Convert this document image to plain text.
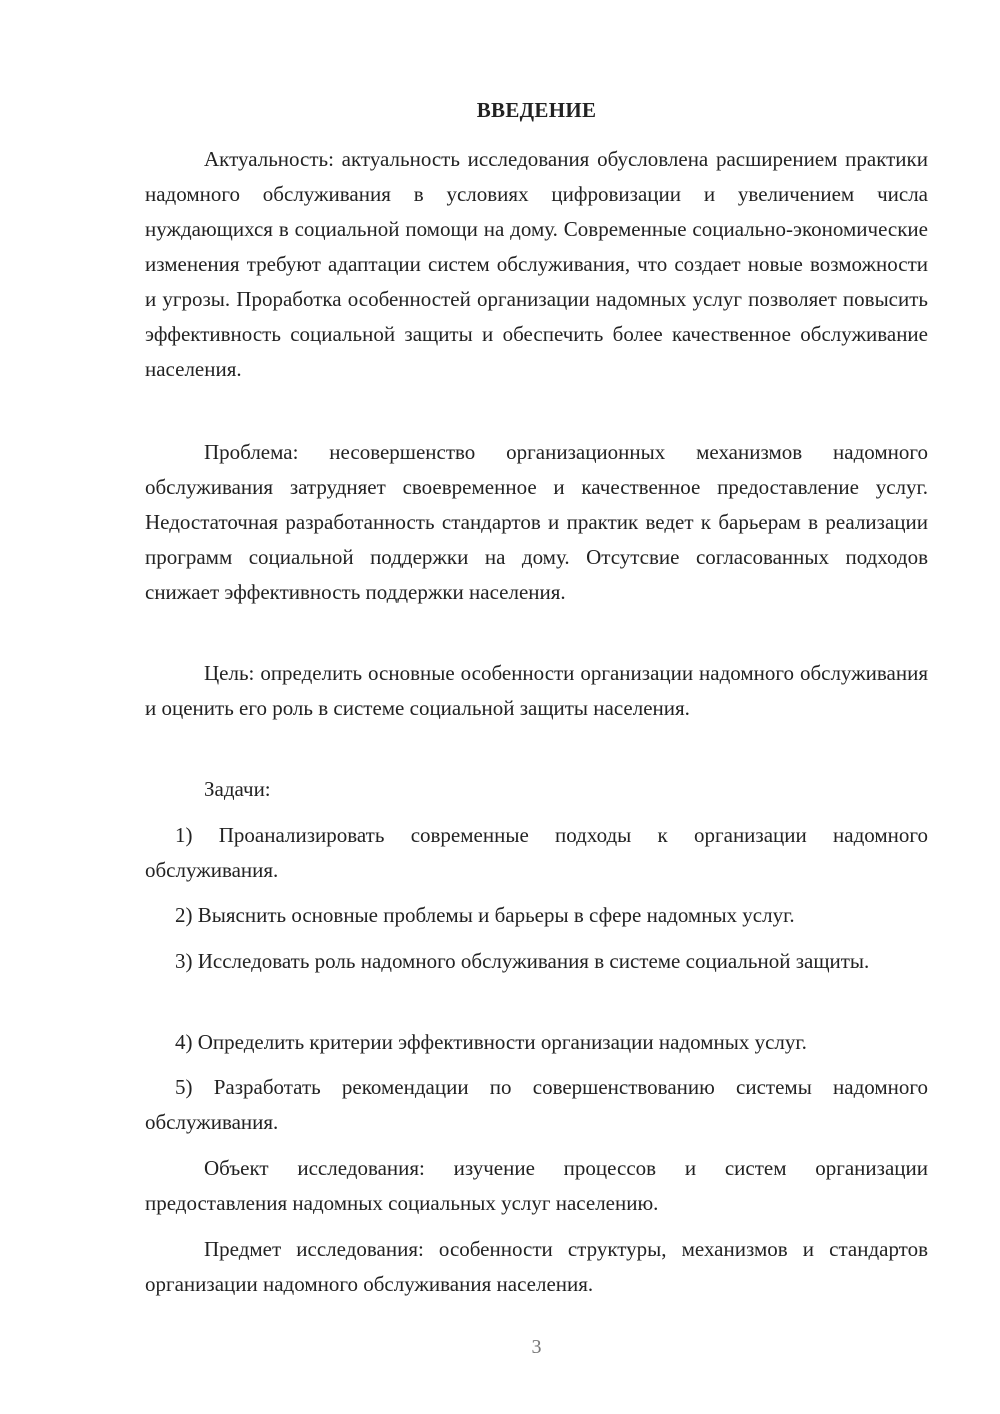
ВВЕДЕНИЕ

Актуальность: актуальность исследования обусловлена расширением практики надомного обслуживания в условиях цифровизации и увеличением числа нуждающихся в социальной помощи на дому. Современные социально-экономические изменения требуют адаптации систем обслуживания, что создает новые возможности и угрозы. Проработка особенностей организации надомных услуг позволяет повысить эффективность социальной защиты и обеспечить более качественное обслуживание населения.

Проблема: несовершенство организационных механизмов надомного обслуживания затрудняет своевременное и качественное предоставление услуг. Недостаточная разработанность стандартов и практик ведет к барьерам в реализации программ социальной поддержки на дому. Отсутсвие согласованных подходов снижает эффективность поддержки населения.

Цель: определить основные особенности организации надомного обслуживания и оценить его роль в системе социальной защиты населения.

Задачи:

1) Проанализировать современные подходы к организации надомного обслуживания.

2) Выяснить основные проблемы и барьеры в сфере надомных услуг.

3) Исследовать роль надомного обслуживания в системе социальной защиты.

4) Определить критерии эффективности организации надомных услуг.

5) Разработать рекомендации по совершенствованию системы надомного обслуживания.

Объект исследования: изучение процессов и систем организации предоставления надомных социальных услуг населению.

Предмет исследования: особенности структуры, механизмов и стандартов организации надомного обслуживания населения.

3
